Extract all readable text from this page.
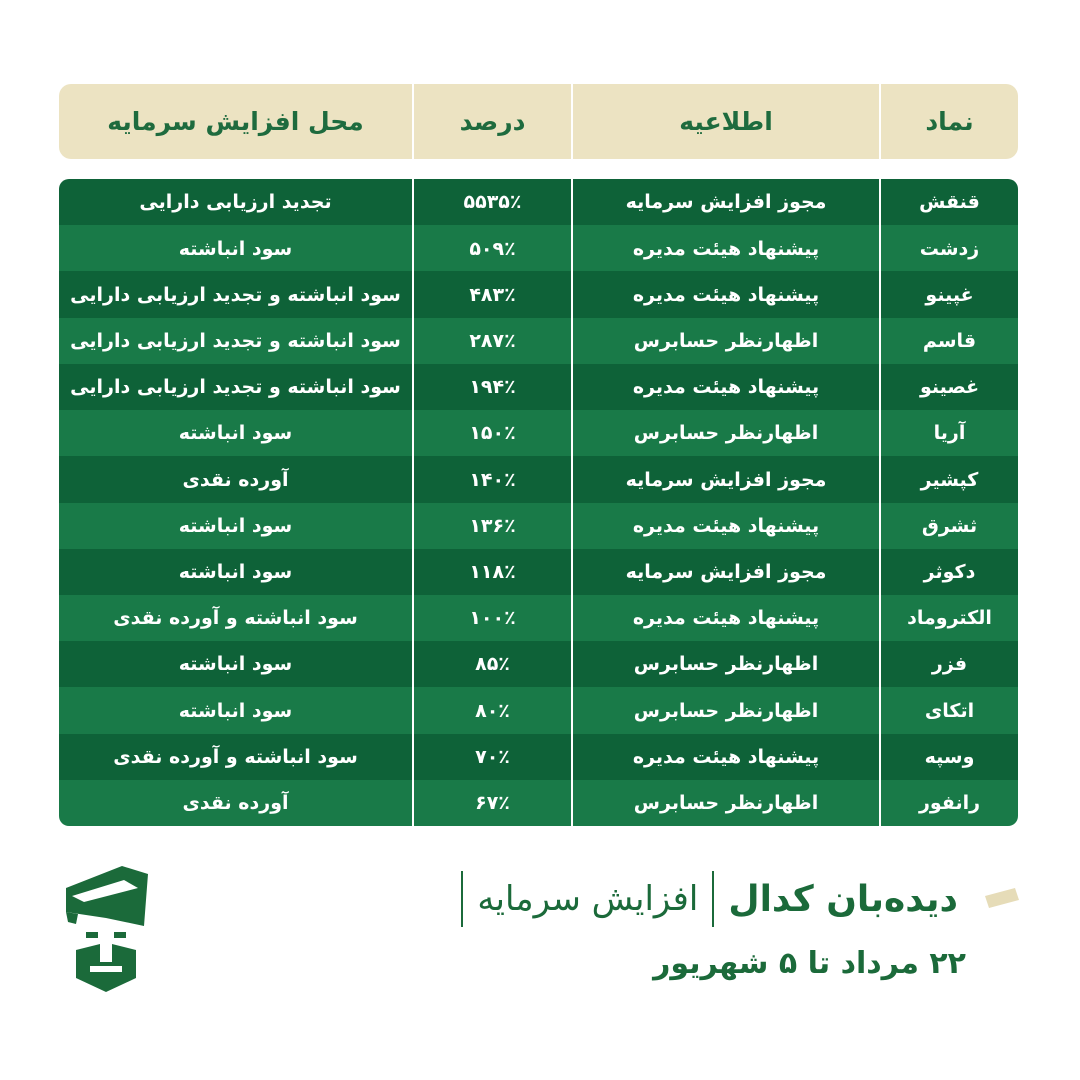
نماد
اطلاعیه
درصد
محل افزایش سرمایه
قنقش
مجوز افزایش سرمایه
۵۵۳۵٪
تجدید ارزیابی دارایی
زدشت
پیشنهاد هیئت مدیره
۵۰۹٪
سود انباشته
غپینو
پیشنهاد هیئت مدیره
۴۸۳٪
سود انباشته و تجدید ارزیابی دارایی
قاسم
اظهارنظر حسابرس
۲۸۷٪
سود انباشته و تجدید ارزیابی دارایی
غصینو
پیشنهاد هیئت مدیره
۱۹۴٪
سود انباشته و تجدید ارزیابی دارایی
آریا
اظهارنظر حسابرس
۱۵۰٪
سود انباشته
کپشیر
مجوز افزایش سرمایه
۱۴۰٪
آورده نقدی
ثشرق
پیشنهاد هیئت مدیره
۱۳۶٪
سود انباشته
دکوثر
مجوز افزایش سرمایه
۱۱۸٪
سود انباشته
الکتروماد
پیشنهاد هیئت مدیره
۱۰۰٪
سود انباشته و آورده نقدی
فزر
اظهارنظر حسابرس
۸۵٪
سود انباشته
اتکای
اظهارنظر حسابرس
۸۰٪
سود انباشته
وسپه
پیشنهاد هیئت مدیره
۷۰٪
سود انباشته و آورده نقدی
رانفور
اظهارنظر حسابرس
۶۷٪
آورده نقدی
دیده‌بان کدال
افزایش سرمایه
۲۲ مرداد تا ۵ شهریور
